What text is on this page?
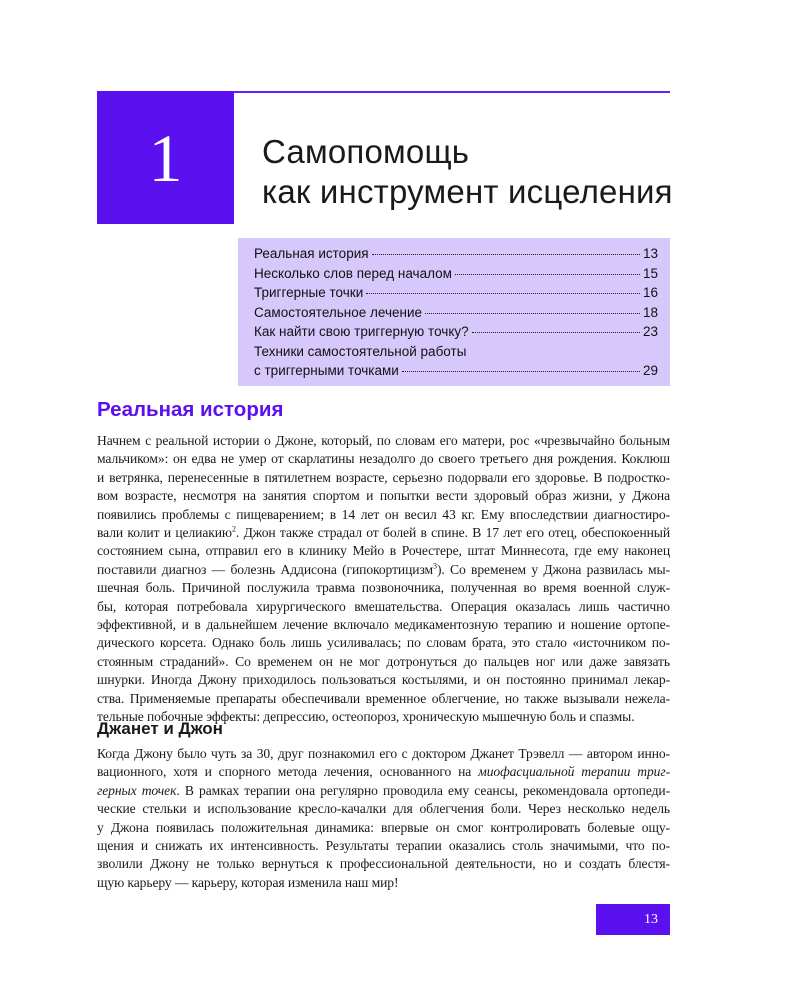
1 Самопомощь
как инструмент исцеления
Реальная история	13
Несколько слов перед началом	15
Триггерные точки	16
Самостоятельное лечение	18
Как найти свою триггерную точку?	23
Техники самостоятельной работы
с триггерными точками	29
Реальная история
Начнем с реальной истории о Джоне, который, по словам его матери, рос «чрезвычайно больным
мальчиком»: он едва не умер от скарлатины незадолго до своего третьего дня рождения. Коклюш
и ветрянка, перенесенные в пятилетнем возрасте, серьезно подорвали его здоровье. В подростко-
вом возрасте, несмотря на занятия спортом и попытки вести здоровый образ жизни, у Джона
появились проблемы с пищеварением; в 14 лет он весил 43 кг. Ему впоследствии диагностиро-
вали колит и целиакию$^2$. Джон также страдал от болей в спине. В 17 лет его отец, обеспокоенный
состоянием сына, отправил его в клинику Мейо в Рочестере, штат Миннесота, где ему наконец
поставили диагноз — болезнь Аддисона (гипокортицизм$^3$). Со временем у Джона развилась мы-
шечная боль. Причиной послужила травма позвоночника, полученная во время военной служ-
бы, которая потребовала хирургического вмешательства. Операция оказалась лишь частично
эффективной, и в дальнейшем лечение включало медикаментозную терапию и ношение ортопе-
дического корсета. Однако боль лишь усиливалась; по словам брата, это стало «источником по-
стоянным страданий». Со временем он не мог дотронуться до пальцев ног или даже завязать
шнурки. Иногда Джону приходилось пользоваться костылями, и он постоянно принимал лекар-
ства. Применяемые препараты обеспечивали временное облегчение, но также вызывали нежела-
тельные побочные эффекты: депрессию, остеопороз, хроническую мышечную боль и спазмы.
Джанет и Джон
Когда Джону было чуть за 30, друг познакомил его с доктором Джанет Трэвелл — автором инно-
вационного, хотя и спорного метода лечения, основанного на миофасциальной терапии триг-
герных точек. В рамках терапии она регулярно проводила ему сеансы, рекомендовала ортопеди-
ческие стельки и использование кресло-качалки для облегчения боли. Через несколько недель
у Джона появилась положительная динамика: впервые он смог контролировать болевые ощу-
щения и снижать их интенсивность. Результаты терапии оказались столь значимыми, что по-
зволили Джону не только вернуться к профессиональной деятельности, но и создать блестя-
щую карьеру — карьеру, которая изменила наш мир!
13
